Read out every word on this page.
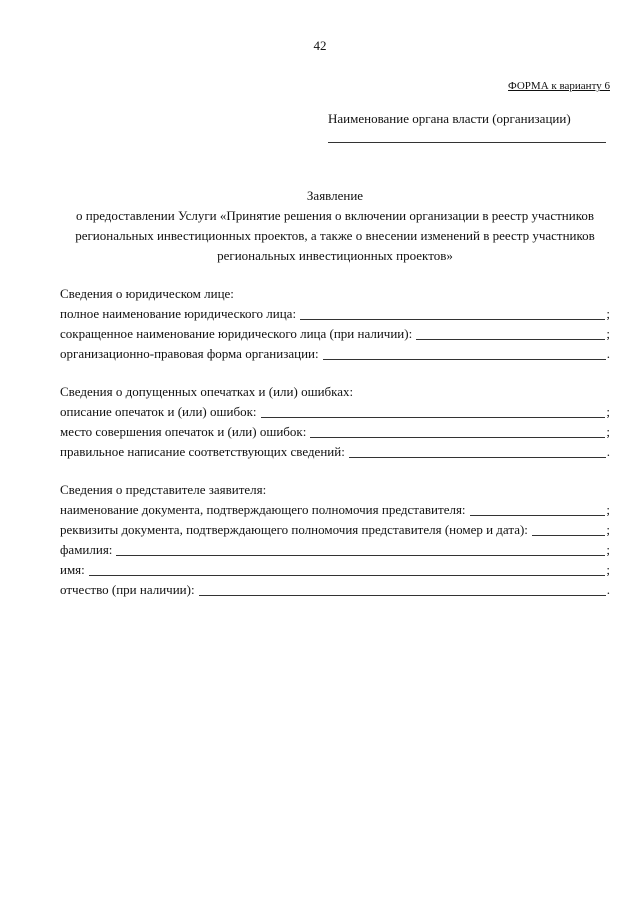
42
ФОРМА к варианту 6
Наименование органа власти (организации)
Заявление
о предоставлении Услуги «Принятие решения о включении организации в реестр участников
региональных инвестиционных проектов, а также о внесении изменений в реестр участников
региональных инвестиционных проектов»
Сведения о юридическом лице:
полное наименование юридического лица:	;
сокращенное наименование юридического лица (при наличии):	;
организационно-правовая форма организации:	.
Сведения о допущенных опечатках и (или) ошибках:
описание опечаток и (или) ошибок:	;
место совершения опечаток и (или) ошибок:	;
правильное написание соответствующих сведений:	.
Сведения о представителе заявителя:
наименование документа, подтверждающего полномочия представителя:	;
реквизиты документа, подтверждающего полномочия представителя (номер и дата):	;
фамилия:	;
имя:	;
отчество (при наличии):	.
